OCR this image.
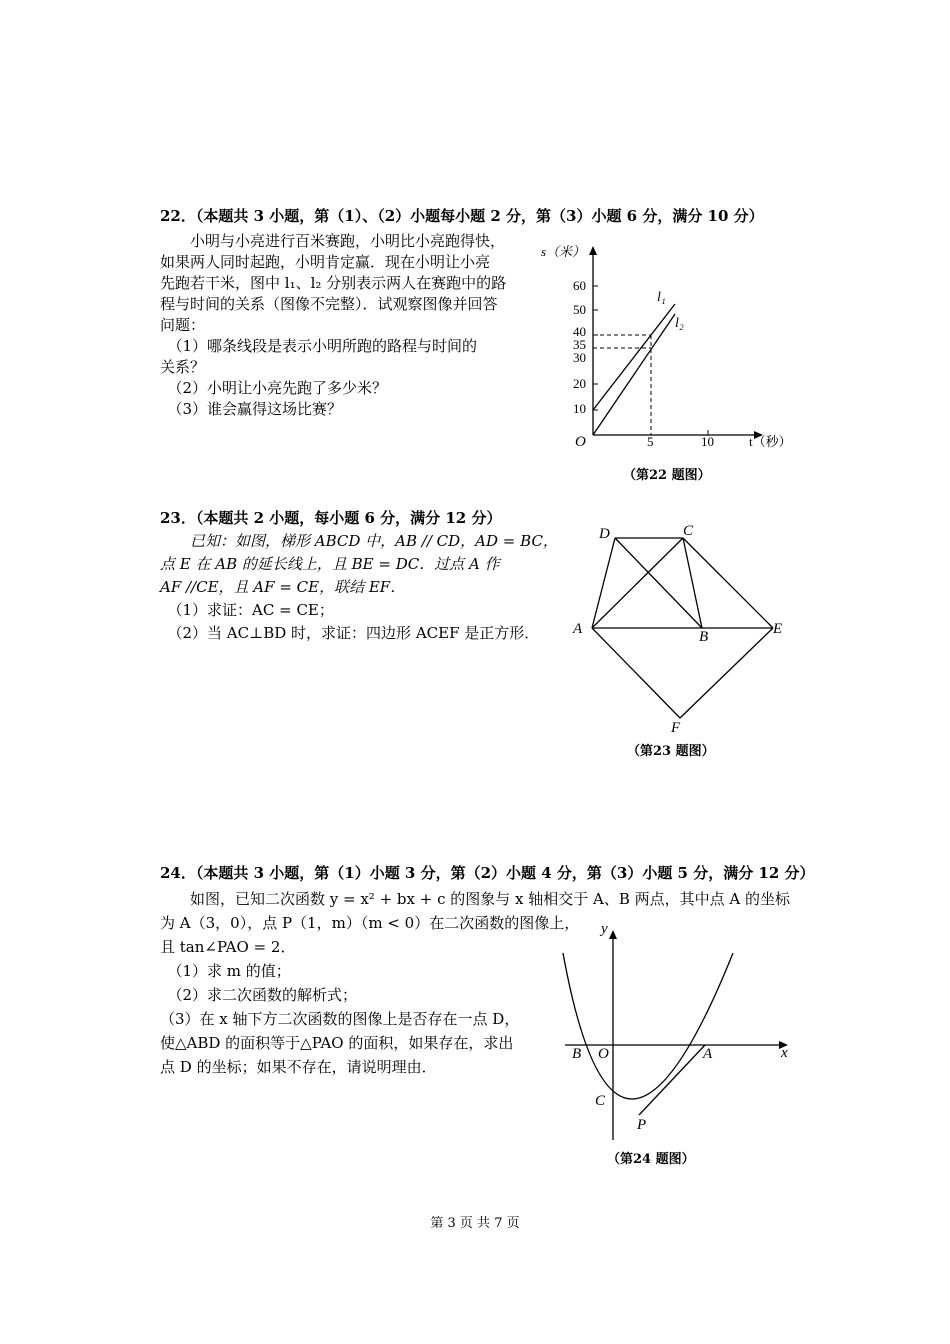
22．（本题共 3 小题，第（1）、（2）小题每小题 2 分，第（3）小题 6 分，满分 10 分）
　　小明与小亮进行百米赛跑，小明比小亮跑得快，
如果两人同时起跑，小明肯定赢．现在小明让小亮
先跑若干米，图中 l₁、l₂ 分别表示两人在赛跑中的路
程与时间的关系（图像不完整）．试观察图像并回答
问题：
　（1）哪条线段是表示小明所跑的路程与时间的
关系？
　（2）小明让小亮先跑了多少米？
　（3）谁会赢得这场比赛？
s（米）
t（秒）
O
60
50
40
35
30
20
10
5	10
l₁
l₂
（第22 题图）
23．（本题共 2 小题，每小题 6 分，满分 12 分）
　　已知：如图，梯形 ABCD 中，AB // CD，AD = BC，
点 E 在 AB 的延长线上，且 BE = DC．过点 A 作
AF //CE，且 AF = CE，联结 EF．
　（1）求证：AC = CE；
　（2）当 AC⊥BD 时，求证：四边形 ACEF 是正方形． A	B
C
D
E
F
（第23 题图）
24．（本题共 3 小题，第（1）小题 3 分，第（2）小题 4 分，第（3）小题 5 分，满分 12 分）
　　如图，已知二次函数 y = x² + bx + c 的图象与 x 轴相交于 A、B 两点，其中点 A 的坐标
为 A（3，0），点 P（1，m）（m < 0）在二次函数的图像上，
且 tan∠PAO = 2．
　（1）求 m 的值；
　（2）求二次函数的解析式；
（3）在 x 轴下方二次函数的图像上是否存在一点 D，
使△ABD 的面积等于△PAO 的面积，如果存在，求出
点 D 的坐标；如果不存在，请说明理由．
y
x
O
B	A
C
P
（第24 题图）
第 3 页 共 7 页
